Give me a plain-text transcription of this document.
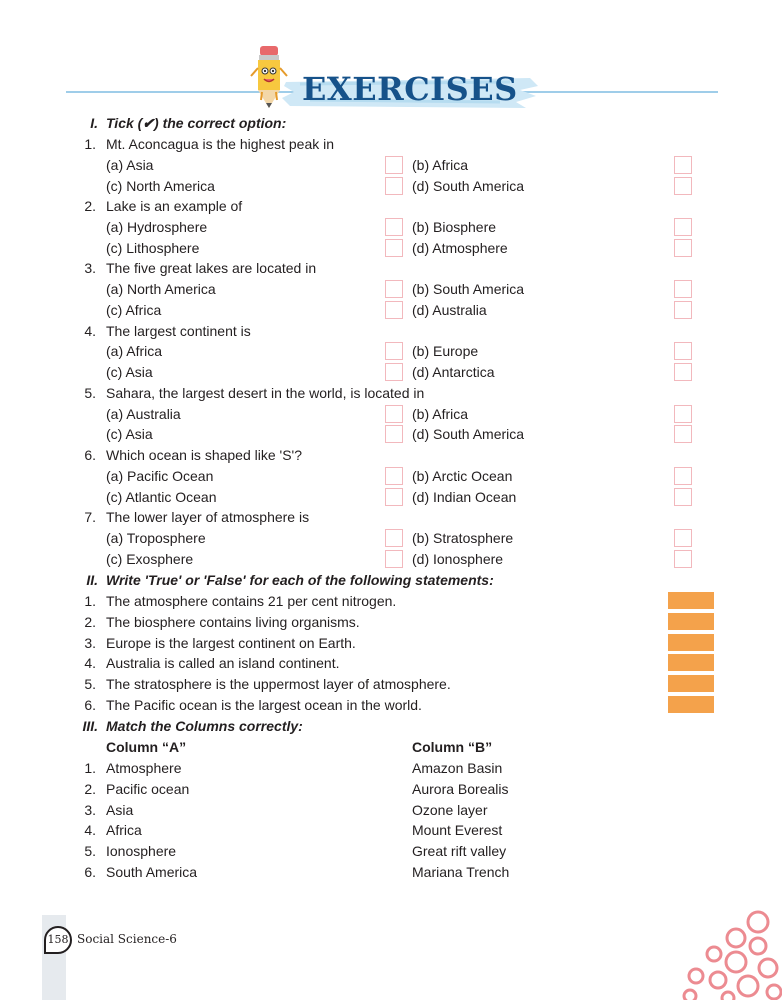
EXERCISES
I. Tick (✔) the correct option:
1. Mt. Aconcagua is the highest peak in
(a) Asia	(b) Africa
(c) North America	(d) South America
2. Lake is an example of
(a) Hydrosphere	(b) Biosphere
(c) Lithosphere	(d) Atmosphere
3. The five great lakes are located in
(a) North America	(b) South America
(c) Africa	(d) Australia
4. The largest continent is
(a) Africa	(b) Europe
(c) Asia	(d) Antarctica
5. Sahara, the largest desert in the world, is located in
(a) Australia	(b) Africa
(c) Asia	(d) South America
6. Which ocean is shaped like 'S'?
(a) Pacific Ocean	(b) Arctic Ocean
(c) Atlantic Ocean	(d) Indian Ocean
7. The lower layer of atmosphere is
(a) Troposphere	(b) Stratosphere
(c) Exosphere	(d) Ionosphere
II. Write 'True' or 'False' for each of the following statements:
1. The atmosphere contains 21 per cent nitrogen.
2. The biosphere contains living organisms.
3. Europe is the largest continent on Earth.
4. Australia is called an island continent.
5. The stratosphere is the uppermost layer of atmosphere.
6. The Pacific ocean is the largest ocean in the world.
III. Match the Columns correctly:
Column “A”	Column “B”
1. Atmosphere	Amazon Basin
2. Pacific ocean	Aurora Borealis
3. Asia	Ozone layer
4. Africa	Mount Everest
5. Ionosphere	Great rift valley
6. South America	Mariana Trench
158 Social Science-6
